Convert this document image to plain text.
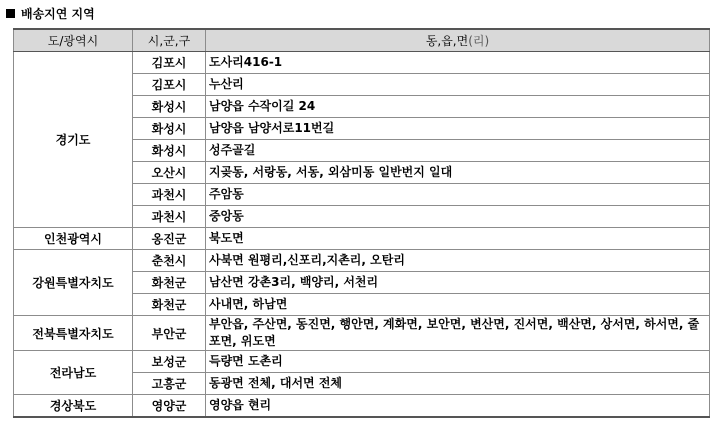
배송지연 지역
도/광역시	시,군,구	동,읍,면(리)
경기도	김포시	도사리416-1
	김포시	누산리
	화성시	남양읍 수작이길 24
	화성시	남양읍 남양서로11번길
	화성시	성주골길
	오산시	지곶동, 서랑동, 서동, 외삼미동 일반번지 일대
	과천시	주암동
	과천시	중앙동
인천광역시	옹진군	북도면
강원특별자치도	춘천시	사북면 원평리,신포리,지촌리, 오탄리
	화천군	남산면 강촌3리, 백양리, 서천리
	화천군	사내면, 하남면
전북특별자치도	부안군	부안읍, 주산면, 동진면, 행안면, 계화면, 보안면, 변산면, 진서면, 백산면, 상서면, 하서면, 줄포면, 위도면
전라남도	보성군	득량면 도촌리
	고흥군	동광면 전체, 대서면 전체
경상북도	영양군	영양읍 현리
